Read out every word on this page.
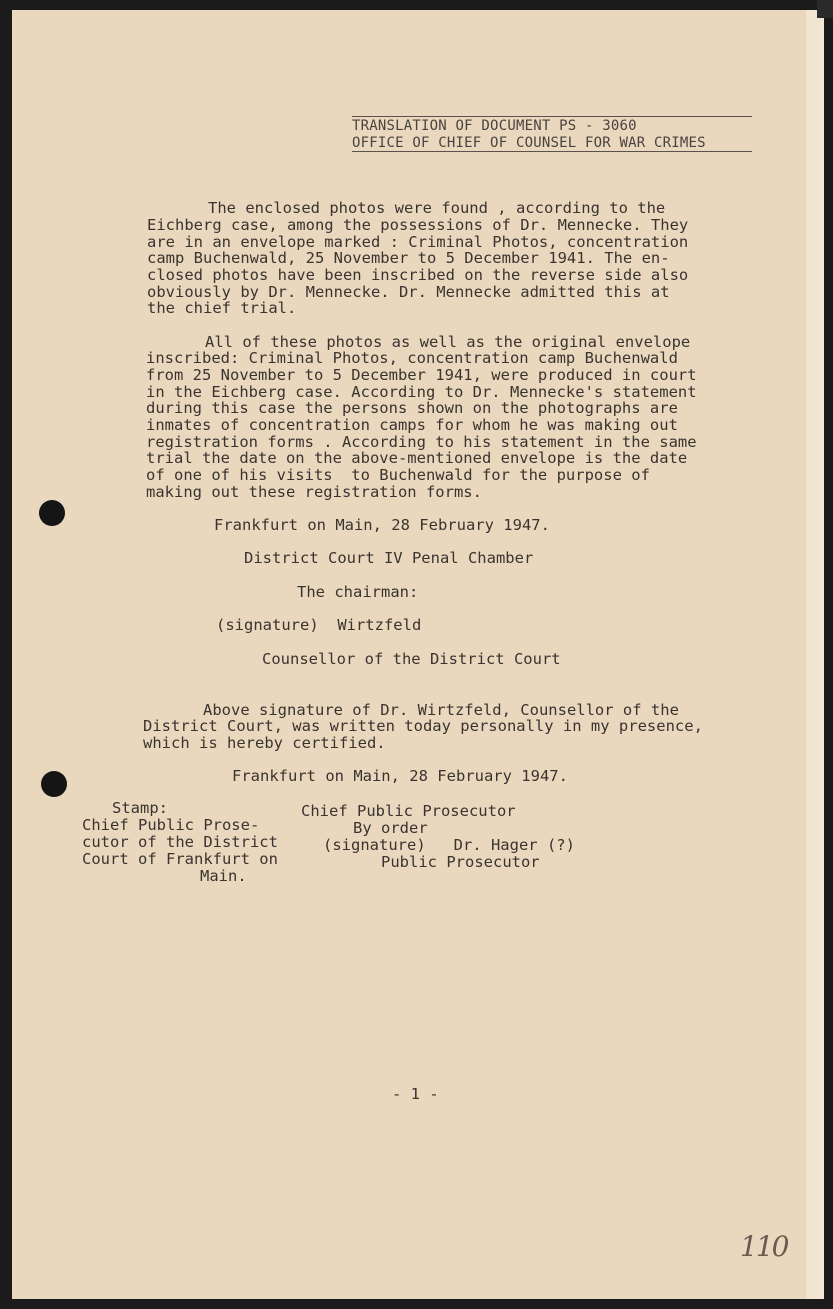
TRANSLATION OF DOCUMENT PS - 3060
OFFICE OF CHIEF OF COUNSEL FOR WAR CRIMES
The enclosed photos were found , according to the
Eichberg case, among the possessions of Dr. Mennecke. They
are in an envelope marked : Criminal Photos, concentration
camp Buchenwald, 25 November to 5 December 1941. The en-
closed photos have been inscribed on the reverse side also
obviously by Dr. Mennecke. Dr. Mennecke admitted this at
the chief trial.
All of these photos as well as the original envelope
inscribed: Criminal Photos, concentration camp Buchenwald
from 25 November to 5 December 1941, were produced in court
in the Eichberg case. According to Dr. Mennecke's statement
during this case the persons shown on the photographs are
inmates of concentration camps for whom he was making out
registration forms . According to his statement in the same
trial the date on the above-mentioned envelope is the date
of one of his visits  to Buchenwald for the purpose of
making out these registration forms.
Frankfurt on Main, 28 February 1947.
District Court IV Penal Chamber
The chairman:
(signature)  Wirtzfeld
Counsellor of the District Court
Above signature of Dr. Wirtzfeld, Counsellor of the
District Court, was written today personally in my presence,
which is hereby certified.
Frankfurt on Main, 28 February 1947.
Stamp:
Chief Public Prose-
cutor of the District
Court of Frankfurt on
Main.
Chief Public Prosecutor
By order
(signature)   Dr. Hager (?)
Public Prosecutor
- 1 -
110
